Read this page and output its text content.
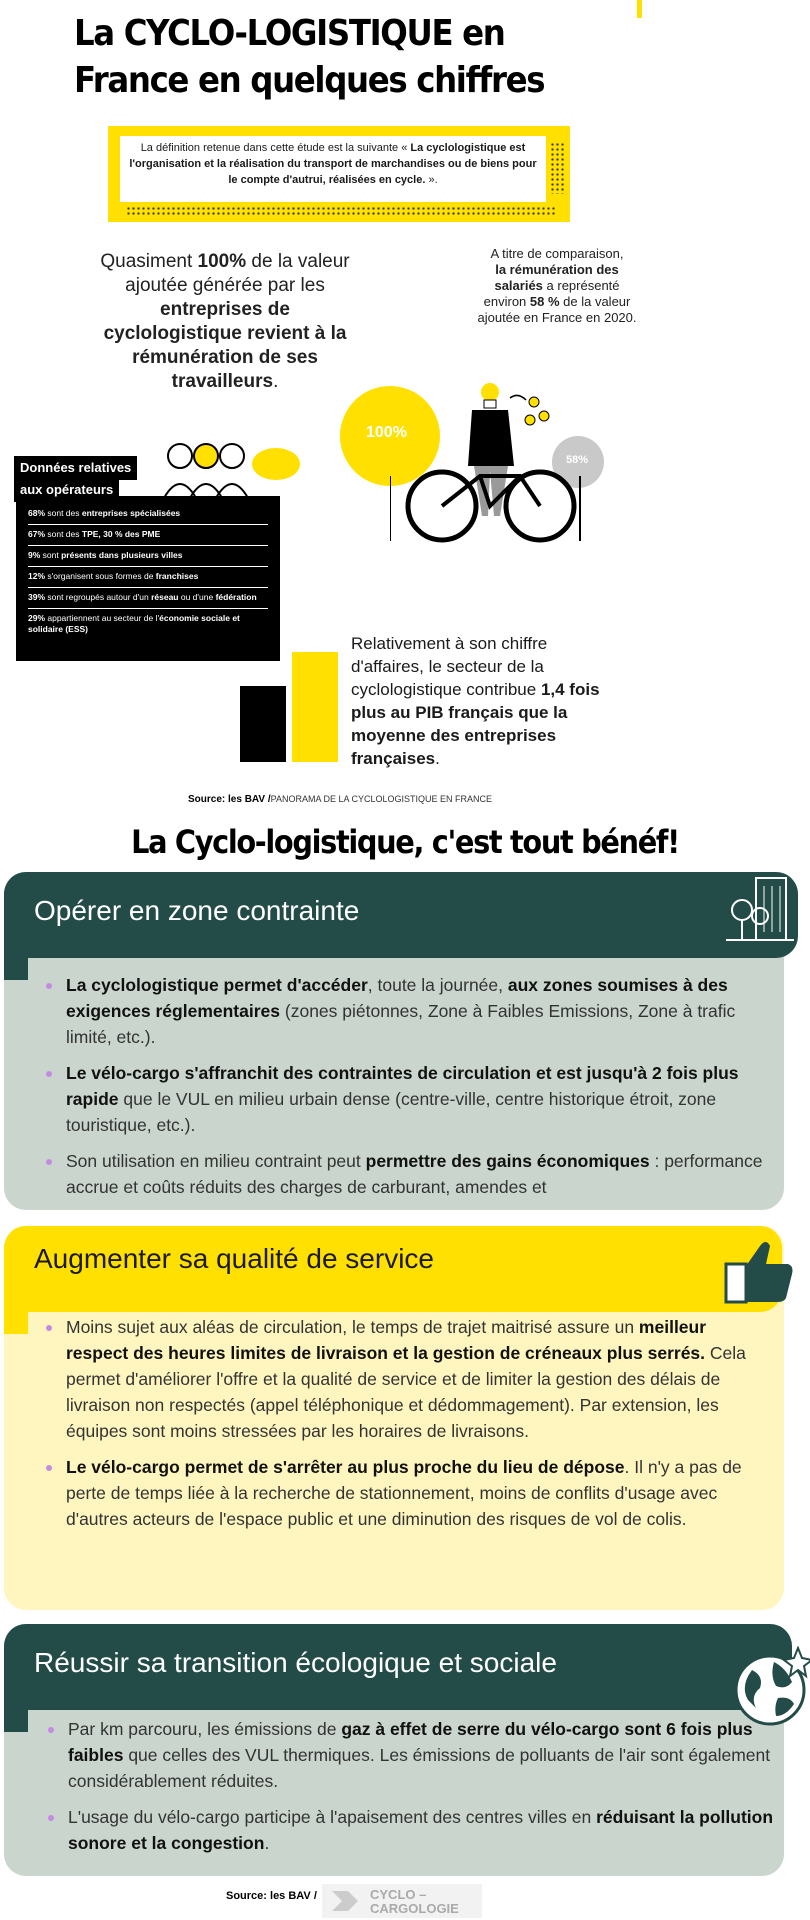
La CYCLO-LOGISTIQUE en
France en quelques chiffres
La définition retenue dans cette étude est la suivante « La cyclologistique est l'organisation et la réalisation du transport de marchandises ou de biens pour le compte d'autrui, réalisées en cycle. ».
Quasiment 100% de la valeur ajoutée générée par les entreprises de cyclologistique revient à la rémunération de ses travailleurs.
A titre de comparaison,
la rémunération des salariés a représenté environ 58 % de la valeur ajoutée en France en 2020.
100%
58%
68% sont des entreprises spécialisées
67% sont des TPE, 30 % des PME
9% sont présents dans plusieurs villes
12% s'organisent sous formes de franchises
39% sont regroupés autour d'un réseau ou d'une fédération
29% appartiennent au secteur de l'économie sociale et solidaire (ESS)
Données relatives
aux opérateurs
Relativement à son chiffre d'affaires, le secteur de la cyclologistique contribue 1,4 fois plus au PIB français que la moyenne des entreprises françaises.
Source: les BAV /PANORAMA DE LA CYCLOLOGISTIQUE EN FRANCE
La Cyclo-logistique, c'est tout bénéf!
Opérer en zone contrainte
La cyclologistique permet d'accéder, toute la journée, aux zones soumises à des exigences réglementaires (zones piétonnes, Zone à Faibles Emissions, Zone à trafic limité, etc.).
Le vélo-cargo s'affranchit des contraintes de circulation et est jusqu'à 2 fois plus rapide que le VUL en milieu urbain dense (centre-ville, centre historique étroit, zone touristique, etc.).
Son utilisation en milieu contraint peut permettre des gains économiques : performance accrue et coûts réduits des charges de carburant, amendes et
Augmenter sa qualité de service
Moins sujet aux aléas de circulation, le temps de trajet maitrisé assure un meilleur respect des heures limites de livraison et la gestion de créneaux plus serrés. Cela permet d'améliorer l'offre et la qualité de service et de limiter la gestion des délais de livraison non respectés (appel téléphonique et dédommagement). Par extension, les équipes sont moins stressées par les horaires de livraisons.
Le vélo-cargo permet de s'arrêter au plus proche du lieu de dépose. Il n'y a pas de perte de temps liée à la recherche de stationnement, moins de conflits d'usage avec d'autres acteurs de l'espace public et une diminution des risques de vol de colis.
Réussir sa transition écologique et sociale
Par km parcouru, les émissions de gaz à effet de serre du vélo-cargo sont 6 fois plus faibles que celles des VUL thermiques. Les émissions de polluants de l'air sont également considérablement réduites.
L'usage du vélo-cargo participe à l'apaisement des centres villes en réduisant la pollution sonore et la congestion.
Source: les BAV /	CYCLO –
CARGOLOGIE
